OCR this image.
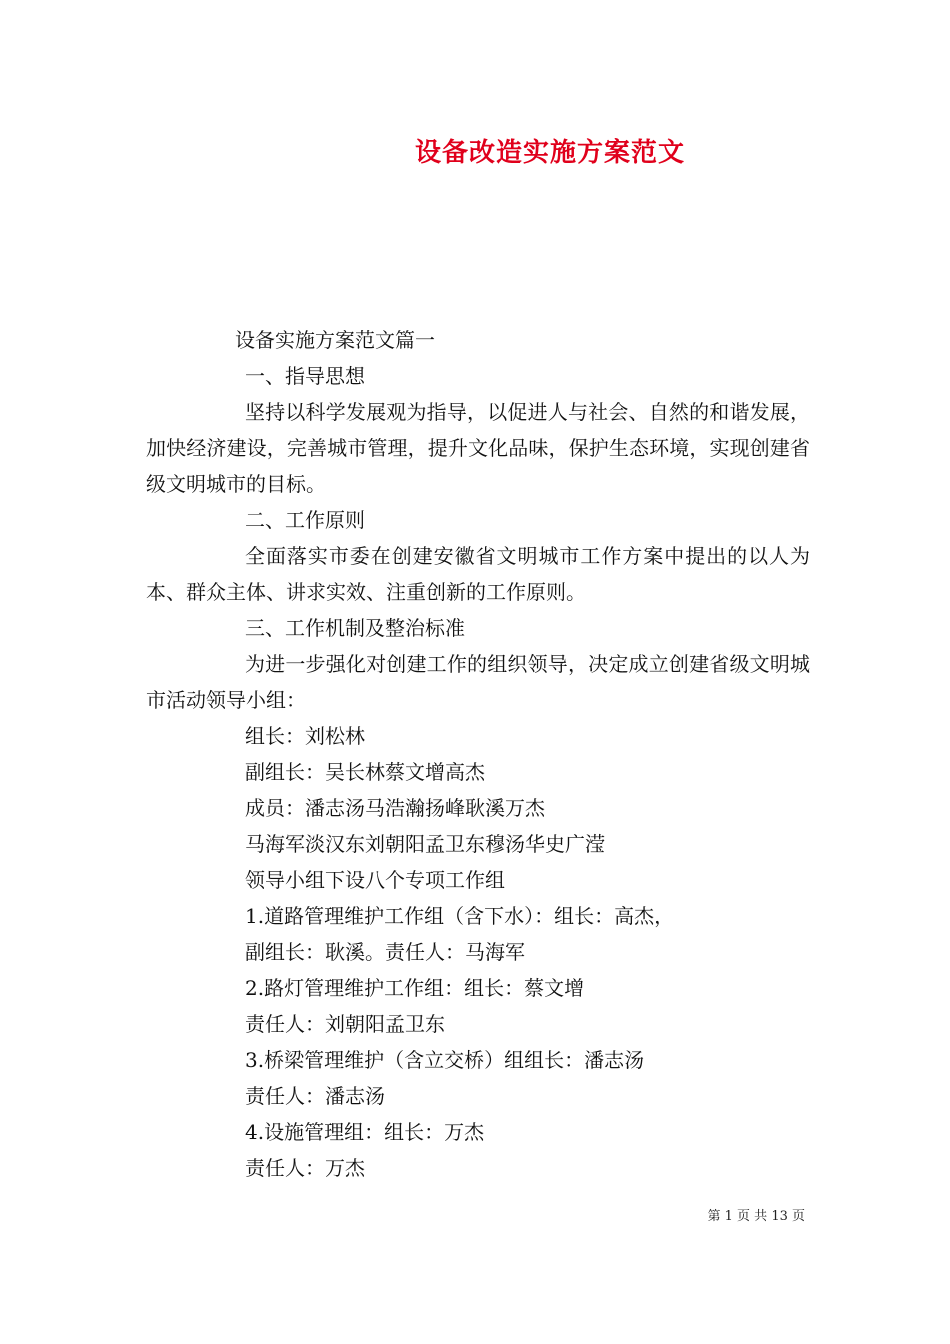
设备改造实施方案范文
设备实施方案范文篇一
一、指导思想
坚持以科学发展观为指导，以促进人与社会、自然的和谐发展，加快经济建设，完善城市管理，提升文化品味，保护生态环境，实现创建省级文明城市的目标。
二、工作原则
全面落实市委在创建安徽省文明城市工作方案中提出的以人为本、群众主体、讲求实效、注重创新的工作原则。
三、工作机制及整治标准
为进一步强化对创建工作的组织领导，决定成立创建省级文明城市活动领导小组：
组长：刘松林
副组长：吴长林蔡文增高杰
成员：潘志汤马浩瀚扬峰耿溪万杰
马海军淡汉东刘朝阳孟卫东穆汤华史广滢
领导小组下设八个专项工作组
1.道路管理维护工作组（含下水）：组长：高杰，
副组长：耿溪。责任人：马海军
2.路灯管理维护工作组：组长：蔡文增
责任人：刘朝阳孟卫东
3.桥梁管理维护（含立交桥）组组长：潘志汤
责任人：潘志汤
4.设施管理组：组长：万杰
责任人：万杰
第 1 页 共 13 页
